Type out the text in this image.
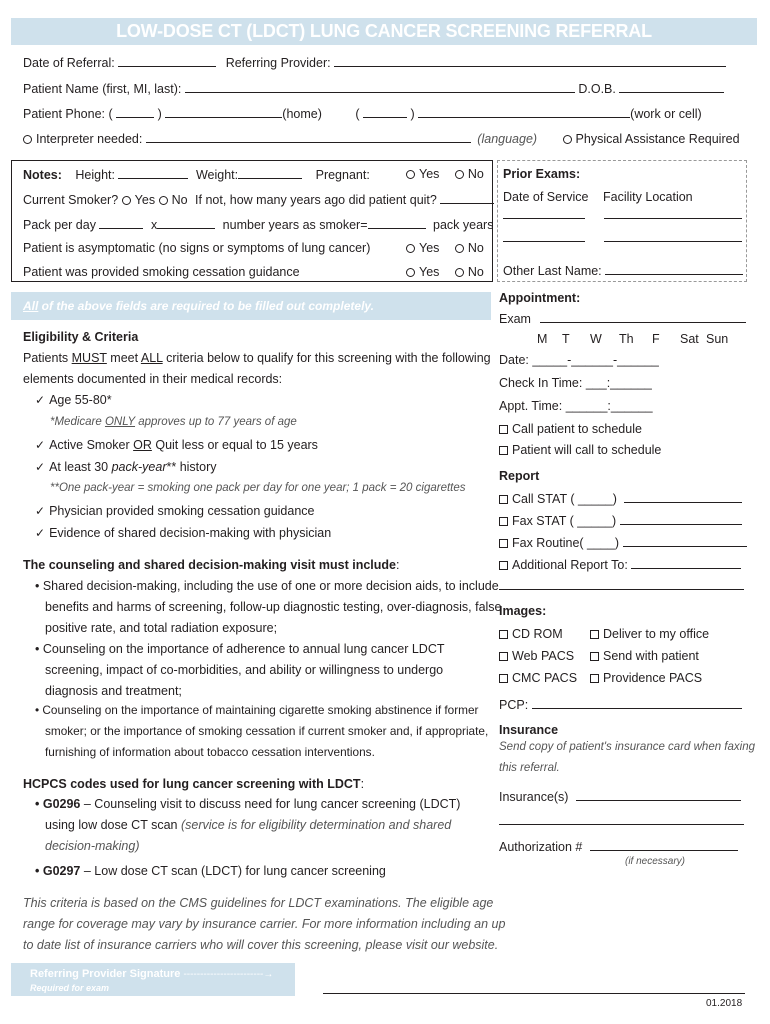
LOW-DOSE CT (LDCT) LUNG CANCER SCREENING REFERRAL
Date of Referral:	Referring Provider:
Patient Name (first, MI, last):	D.O.B.
Patient Phone: (	)	(home)	(	)	(work or cell)
Interpreter needed:	(language)	Physical Assistance Required
Notes: Height:	Weight:	Pregnant:	Yes No
Current Smoker? Yes No If not, how many years ago did patient quit?
Pack per day	x	number years as smoker=	pack years
Patient is asymptomatic (no signs or symptoms of lung cancer)	Yes No
Patient was provided smoking cessation guidance	Yes No
Prior Exams:
Date of Service Facility Location
Other Last Name:
All of the above fields are required to be filled out completely.
Eligibility & Criteria
Patients MUST meet ALL criteria below to qualify for this screening with the following
elements documented in their medical records:
✓ Age 55-80*
*Medicare ONLY approves up to 77 years of age
✓ Active Smoker OR Quit less or equal to 15 years
✓ At least 30 pack-year** history
**One pack-year = smoking one pack per day for one year; 1 pack = 20 cigarettes
✓ Physician provided smoking cessation guidance
✓ Evidence of shared decision-making with physician
The counseling and shared decision-making visit must include:
• Shared decision-making, including the use of one or more decision aids, to include
benefits and harms of screening, follow-up diagnostic testing, over-diagnosis, false
positive rate, and total radiation exposure;
• Counseling on the importance of adherence to annual lung cancer LDCT
screening, impact of co-morbidities, and ability or willingness to undergo
diagnosis and treatment;
• Counseling on the importance of maintaining cigarette smoking abstinence if former
smoker; or the importance of smoking cessation if current smoker and, if appropriate,
furnishing of information about tobacco cessation interventions.
HCPCS codes used for lung cancer screening with LDCT:
• G0296 – Counseling visit to discuss need for lung cancer screening (LDCT)
using low dose CT scan (service is for eligibility determination and shared
decision-making)
• G0297 – Low dose CT scan (LDCT) for lung cancer screening
This criteria is based on the CMS guidelines for LDCT examinations. The eligible age
range for coverage may vary by insurance carrier. For more information including an up
to date list of insurance carriers who will cover this screening, please visit our website.
Referring Provider Signature ------------------------→
Required for exam
01.2018
Appointment:
Exam
M T W Th F Sat Sun
Date: _____-______-______
Check In Time: ___:______
Appt. Time: ______:______
Call patient to schedule
Patient will call to schedule
Report
Call STAT ( _____)
Fax STAT ( _____)
Fax Routine( ____)
Additional Report To:
Images:
CD ROM	Deliver to my office
Web PACS	Send with patient
CMC PACS	Providence PACS
PCP:
Insurance
Send copy of patient's insurance card when faxing
this referral.
Insurance(s)
Authorization #
(if necessary)
